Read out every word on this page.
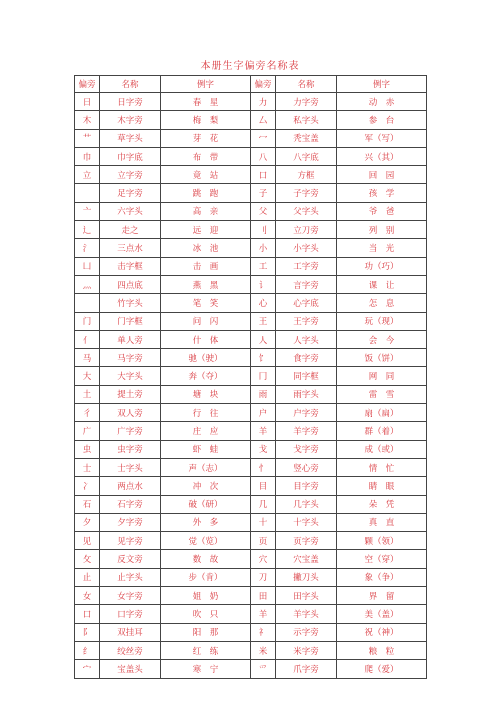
本册生字偏旁名称表
偏旁	名称	例字	偏旁	名称	例字
日	日字旁	春　星	力	力字旁	动　赤
木	木字旁	梅　梨	厶	私字头	参　台
艹	草字头	芽　花	冖	秃宝盖	军（写）
巾	巾字底	布　带	八	八字底	兴（其）
立	立字旁	竟　站	口	方框	回　园
	足字旁	跳　跑	子	子字旁	孩　学
亠	六字头	高　亲	父	父字头	爷　爸
辶	走之	远　迎	刂	立刀旁	列　别
氵	三点水	冰　池	小	小字头	当　光
凵	击字框	击　画	工	工字旁	功（巧）
灬	四点底	燕　黑	讠	言字旁	课　让
	竹字头	笔　笑	心	心字底	怎　息
门	门字框	问　闪	王	王字旁	玩（现）
亻	单人旁	什　体	人	人字头	会　今
马	马字旁	驰（驶）	饣	食字旁	饭（饼）
大	大字头	奔（夺）	冂	同字框	网　同
土	提土旁	塘　块	雨	雨字头	雷　雪
彳	双人旁	行　往	户	户字旁	扇（扁）
广	广字旁	庄　应	羊	羊字旁	群（着）
虫	虫字旁	虾　蛙	戈	戈字旁	成（或）
士	士字头	声（志）	忄	竖心旁	情　忙
冫	两点水	冲　次	目	目字旁	睛　眼
石	石字旁	破（研）	几	几字头	朵　凭
夕	夕字旁	外　多	十	十字头	真　直
见	见字旁	觉（览）	页	页字旁	颗（领）
攵	反文旁	数　故	穴	穴宝盖	空（穿）
止	止字头	步（肯）	刀	撇刀头	象（争）
女	女字旁	姐　奶	田	田字头	界　留
口	口字旁	吹　只	羊	羊字头	美（盖）
阝	双挂耳	阳　那	礻	示字旁	祝（神）
纟	绞丝旁	红　练	米	米字旁	粮　粒
宀	宝盖头	寒　宁	爫	爪字旁	爬（爱）
